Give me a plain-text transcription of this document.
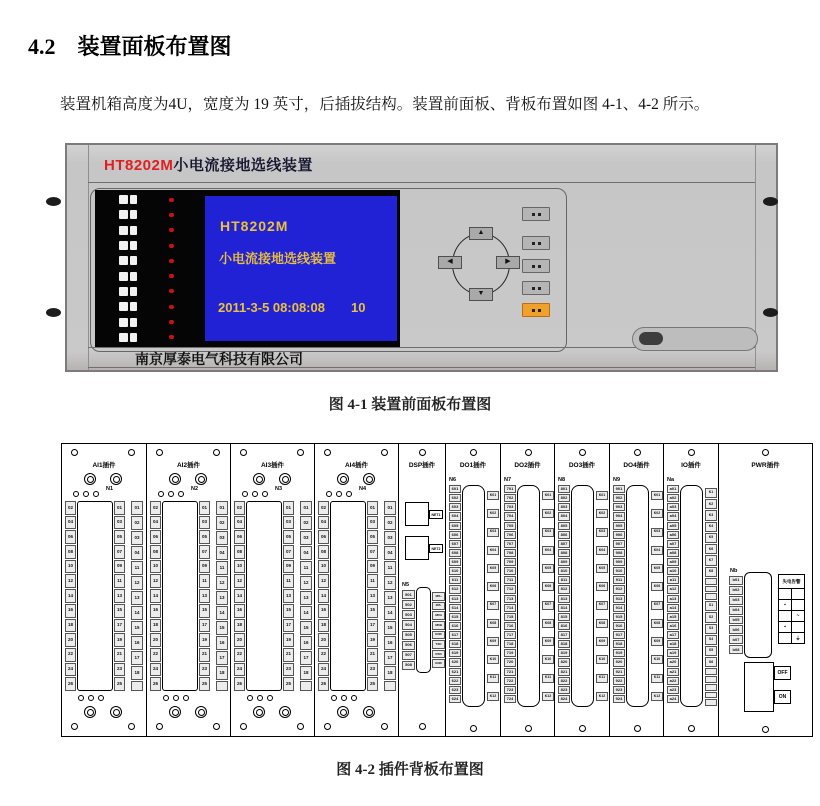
4.2 装置面板布置图
装置机箱高度为4U，宽度为 19 英寸，后插拔结构。装置前面板、背板布置如图 4-1、4-2 所示。
HT8202M小电流接地选线装置
HT8202M
小电流接地选线装置
2011-3-5 08:08:08 10
▲
▼
◀	▶
南京厚泰电气科技有限公司
图 4-1 装置前面板布置图
AI1插件
N1
02
04
06
08
10
12
14
16
18
20
22
24
26
01
03
05
07
09
11
13
15
17
19
21
23
25
01
02
03
04
11
12
13
14
15
16
17
18
AI2插件
N2
02
04
06
08
10
12
14
16
18
20
22
24
26
01
03
05
07
09
11
13
15
17
19
21
23
25
01
02
03
04
11
12
13
14
15
16
17
18
AI3插件
N3
02
04
06
08
10
12
14
16
18
20
22
24
26
01
03
05
07
09
11
13
15
17
19
21
23
25
01
02
03
04
11
12
13
14
15
16
17
18
AI4插件
N4
02
04
06
08
10
12
14
16
18
20
22
24
26
01
03
05
07
09
11
13
15
17
19
21
23
25
01
02
03
04
11
12
13
14
15
16
17
18
DSP插件
NET1
NET2
N5
501
502
503
504
505
506
507
508
485+
485-
485A
485B
GND
TXD
RXD
GND
DO1插件
N6
601
602
603
604
605
606
607
608
609
610
611
612
613
614
615
616
617
618
619
620
621
622
623
624
K01
K02
K03
K04
K05
K06
K07
K08
K09
K10
K11
K12
DO2插件
N7
701
702
703
704
705
706
707
708
709
710
711
712
713
714
715
716
717
718
719
720
721
722
723
724
K01
K02
K03
K04
K05
K06
K07
K08
K09
K10
K11
K12
DO3插件
N8
801
802
803
804
805
806
807
808
809
810
811
812
813
814
815
816
817
818
819
820
821
822
823
824
K01
K02
K03
K04
K05
K06
K07
K08
K09
K10
K11
K12
DO4插件
N9
901
902
903
904
905
906
907
908
909
910
911
912
913
914
915
916
917
918
919
920
921
922
923
924
K01
K02
K03
K04
K05
K06
K07
K08
K09
K10
K11
K12
IO插件
Na
a01
a02
a03
a04
a05
a06
a07
a08
a09
a10
a11
a12
a13
a14
a15
a16
a17
a18
a19
a20
a21
a22
a23
a24
K1
K2
K3
K4
K5
K6
K7
K8
S1
S2
S3
S4
S5
S6
PWR插件
Nb
b01
b02
b03
b04
b05
b06
b07
b08
失电告警
▪
~
▪
⏚
OFF
ON
图 4-2 插件背板布置图
